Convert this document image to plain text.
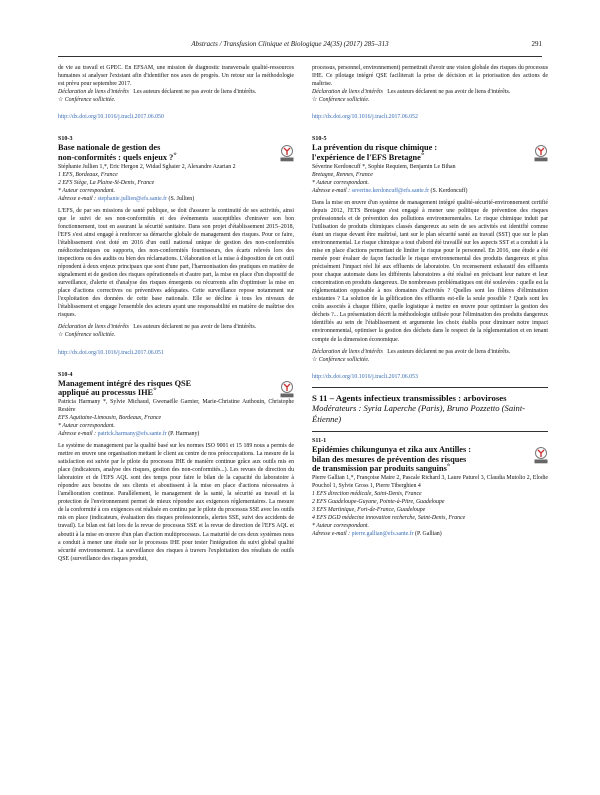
Abstracts / Transfusion Clinique et Biologique 24(3S) (2017) 285–313	291

de vie au travail et GPEC. En EFSAM, une mission de diagnostic transversale qualité-ressources humaines si analyser l'existant afin d'identifier nos axes de progrès. Un retour sur la méthodologie est prévu pour septembre 2017.

Déclaration de liens d'intérêts Les auteurs déclarent ne pas avoir de liens d'intérêts.

☆ Conférence sollicitée.

http://dx.doi.org/10.1016/j.tracli.2017.06.050

S10-3
Base nationale de gestion des
non-conformités : quels enjeux ?☆

Stéphanie Jullien 1,*, Eric Hergon 2, Widad Sghaier 2, Alexandre Azarian 2

1 EFS, Bordeaux, France

2 EFS Siège, La Plaine-St-Denis, France

* Auteur correspondant.

Adresse e-mail : stephanie.jullien@efs.sante.fr (S. Jullien)

L'EFS, de par ses missions de santé publique, se doit d'assurer la continuité de ses activités, ainsi que le suivi de ses non-conformités et des événements susceptibles d'entraver son bon fonctionnement, tout en assurant la sécurité sanitaire. Dans son projet d'établissement 2015–2018, l'EFS s'est ainsi engagé à renforcer sa démarche globale de management des risques. Pour ce faire, l'établissement s'est doté en 2016 d'un outil national unique de gestion des non-conformités médicotechniques ou supports, des non-conformités fournisseurs, des écarts relevés lors des inspections ou des audits ou bien des réclamations. L'élaboration et la mise à disposition de cet outil répondent à deux enjeux principaux que sont d'une part, l'harmonisation des pratiques en matière de signalement et de gestion des risques opérationnels et d'autre part, la mise en place d'un dispositif de surveillance, d'alerte et d'analyse des risques émergents ou récurrents afin d'optimiser la mise en place d'actions correctives ou préventives adéquates. Cette surveillance repose notamment sur l'exploitation des données de cette base nationale. Elle se décline à tous les niveaux de l'établissement et engage l'ensemble des acteurs ayant une responsabilité en matière de maîtrise des risques.

Déclaration de liens d'intérêts Les auteurs déclarent ne pas avoir de liens d'intérêts.

☆ Conférence sollicitée.

http://dx.doi.org/10.1016/j.tracli.2017.06.051

S10-4
Management intégré des risques QSE
appliqué au processus IHE☆

Patricia Harmany *, Sylvie Michaud, Gwenaëlle Garnier, Marie-Christine Authouin, Christophe Resière

EFS Aquitaine-Limousin, Bordeaux, France

* Auteur correspondant.

Adresse e-mail : patrick.harmany@efs.sante.fr (P. Harmany)

Le système de management par la qualité basé sur les normes ISO 9001 et 15 189 nous a permis de mettre en œuvre une organisation mettant le client au centre de nos préoccupations. La mesure de la satisfaction est suivie par le pilote du processus IHE de manière continue grâce aux outils mis en place (indicateurs, analyse des risques, gestion des non-conformités...). Les revues de direction du laboratoire et de l'EFS AQL sont des temps pour faire le bilan de la capacité du laboratoire à répondre aux besoins de ses clients et aboutissent à la mise en place d'actions nécessaires à l'amélioration continue. Parallèlement, le management de la santé, la sécurité au travail et la protection de l'environnement permet de mieux répondre aux exigences réglementaires. La mesure de la conformité à ces exigences est réalisée en continu par le pilote du processus SSE avec les outils mis en place (indicateurs, évaluation des risques professionnels, alertes SSE, suivi des accidents de travail). Le bilan est fait lors de la revue de processus SSE et la revue de direction de l'EFS AQL et aboutit à la mise en œuvre d'un plan d'action multiprocessus. La maturité de ces deux systèmes nous a conduit à mener une étude sur le processus IHE pour tester l'intégration du suivi global qualité sécurité environnement. La surveillance des risques à travers l'exploitation des résultats de outils QSE (surveillance des risques produit,

processus, personnel, environnement) permettrait d'avoir une vision globale des risques du processus IHE. Ce pilotage intégré QSE faciliterait la prise de décision et la priorisation des actions de maîtrise.

Déclaration de liens d'intérêts Les auteurs déclarent ne pas avoir de liens d'intérêts.

☆ Conférence sollicitée.

http://dx.doi.org/10.1016/j.tracli.2017.06.052

S10-5
La prévention du risque chimique :
l'expérience de l'EFS Bretagne☆

Séverine Kerdoncuff *, Sophie Requiem, Benjamin Le Bihan

Bretagne, Rennes, France

* Auteur correspondant.

Adresse e-mail : severine.kerdoncuff@efs.sante.fr (S. Kerdoncuff)

Dans la mise en œuvre d'un système de management intégré qualité-sécurité-environnement certifié depuis 2012, l'ETS Bretagne s'est engagé à mener une politique de prévention des risques professionnels et de prévention des pollutions environnementales. Le risque chimique induit par l'utilisation de produits chimiques classés dangereux au sein de ses activités est identifié comme étant un risque devant être maîtrisé, tant sur le plan sécurité santé au travail (SST) que sur le plan environnemental. Le risque chimique a tout d'abord été travaillé sur les aspects SST et a conduit à la mise en place d'actions permettant de limiter le risque pour le personnel. En 2016, une étude a été menée pour évaluer de façon factuelle le risque environnemental des produits dangereux et plus précisément l'impact réel lié aux effluents de laboratoire. Un recensement exhaustif des effluents pour chaque automate dans les différents laboratoires a été réalisé en précisant leur nature et leur concentration en produits dangereux. De nombreuses problématiques ont été soulevées : quelle est la réglementation opposable à nos domaines d'activités ? Quelles sont les filières d'élimination existantes ? La solution de la gélification des effluents est-elle la seule possible ? Quels sont les coûts associés à chaque filière, quelle logistique à mettre en œuvre pour optimiser la gestion des déchets ?... La présentation décrit la méthodologie utilisée pour l'élimination des produits dangereux identifiés au sein de l'établissement et argumente les choix établis pour diminuer notre impact environnemental, optimiser la gestion des déchets dans le respect de la réglementation et en tenant compte de la dimension économique.

Déclaration de liens d'intérêts Les auteurs déclarent ne pas avoir de liens d'intérêts.

☆ Conférence sollicitée.

http://dx.doi.org/10.1016/j.tracli.2017.06.053

S 11 – Agents infectieux transmissibles : arboviroses
Modérateurs : Syria Laperche (Paris), Bruno Pozzetto (Saint-Étienne)
S11-1
Epidémies chikungunya et zika aux Antilles :
bilan des mesures de prévention des risques
de transmission par produits sanguins☆

Pierre Gallian 1,*, Françoise Maire 2, Pascale Richard 3, Laure Paturel 3, Claudia Mutolio 2, Elodie Pouchol 1, Sylvie Gross 1, Pierre Tiberghien 4

1 EFS direction médicale, Saint-Denis, France

2 EFS Guadeloupe-Guyane, Pointe-à-Pitre, Guadeloupe

3 EFS Martinique, Fort-de-France, Guadeloupe

4 EFS DGD médecine innovation recherche, Saint-Denis, France

* Auteur correspondant.

Adresse e-mail : pierre.gallian@efs.sante.fr (P. Gallian)
